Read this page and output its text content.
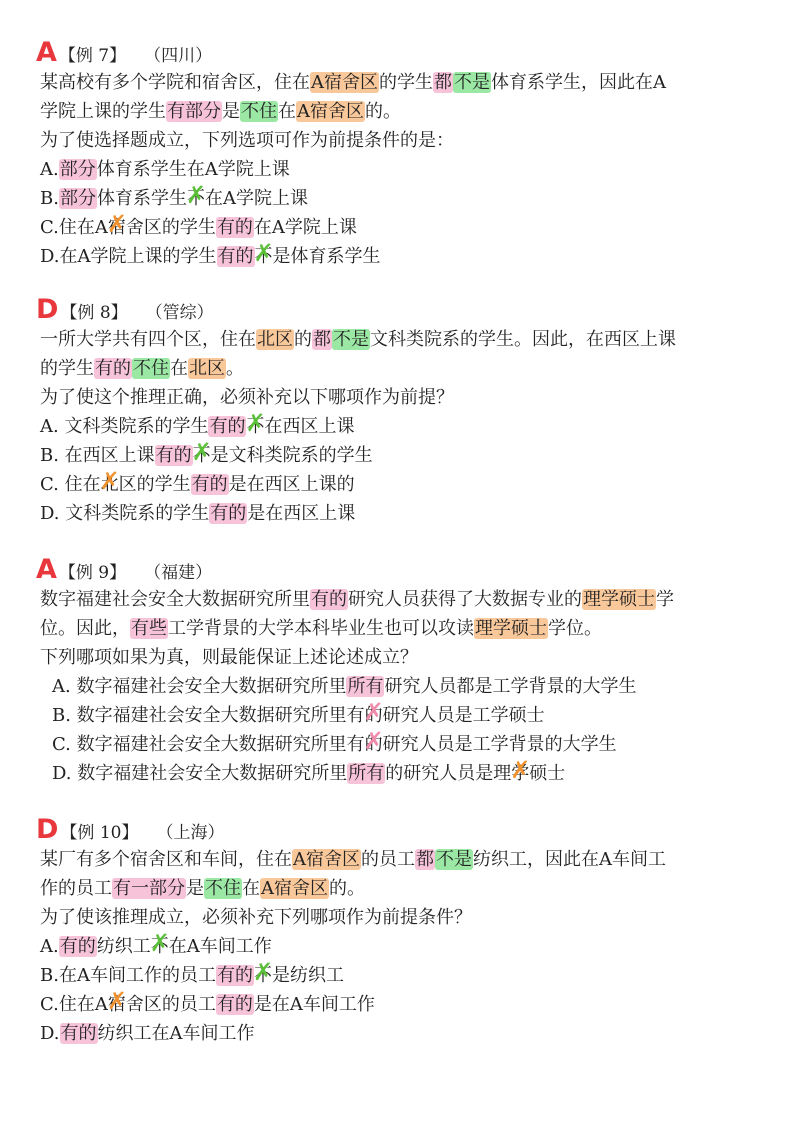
A 【例 7】 （四川）
某高校有多个学院和宿舍区，住在A宿舍区的学生都 不是体育系学生，因此在A
学院上课的学生有部分是不住在A宿舍区的。
为了使选择题成立，下列选项可作为前提条件的是：
A.部分体育系学生在A学院上课
B.部分体育系学生不 ✗在A学院上课
C.住在A宿 ✗舍区的学生有的在A学院上课
D.在A学院上课的学生有的不 ✗是体育系学生
D 【例 8】 （管综）
一所大学共有四个区，住在北区的都 不是文科类院系的学生。因此，在西区上课
的学生有的 不住在北区。
为了使这个推理正确，必须补充以下哪项作为前提？
A. 文科类院系的学生有的不 ✗在西区上课
B. 在西区上课有的不 ✗是文科类院系的学生
C. 住在北 ✗区的学生有的是在西区上课的
D. 文科类院系的学生有的是在西区上课
A 【例 9】 （福建）
数字福建社会安全大数据研究所里有的研究人员获得了大数据专业的理学硕士学
位。因此，有些工学背景的大学本科毕业生也可以攻读理学硕士学位。
下列哪项如果为真，则最能保证上述论述成立？
A. 数字福建社会安全大数据研究所里所有研究人员都是工学背景的大学生
B. 数字福建社会安全大数据研究所里有的 ✗研究人员是工学硕士
C. 数字福建社会安全大数据研究所里有的 ✗研究人员是工学背景的大学生
D. 数字福建社会安全大数据研究所里所有的研究人员是理学 ✗硕士
D 【例 10】 （上海）
某厂有多个宿舍区和车间，住在A宿舍区的员工都 不是纺织工，因此在A车间工
作的员工有一部分是不住在A宿舍区的。
为了使该推理成立，必须补充下列哪项作为前提条件？
A.有的纺织工不 ✗在A车间工作
B.在A车间工作的员工有的不 ✗是纺织工
C.住在A宿 ✗舍区的员工有的是在A车间工作
D.有的纺织工在A车间工作
